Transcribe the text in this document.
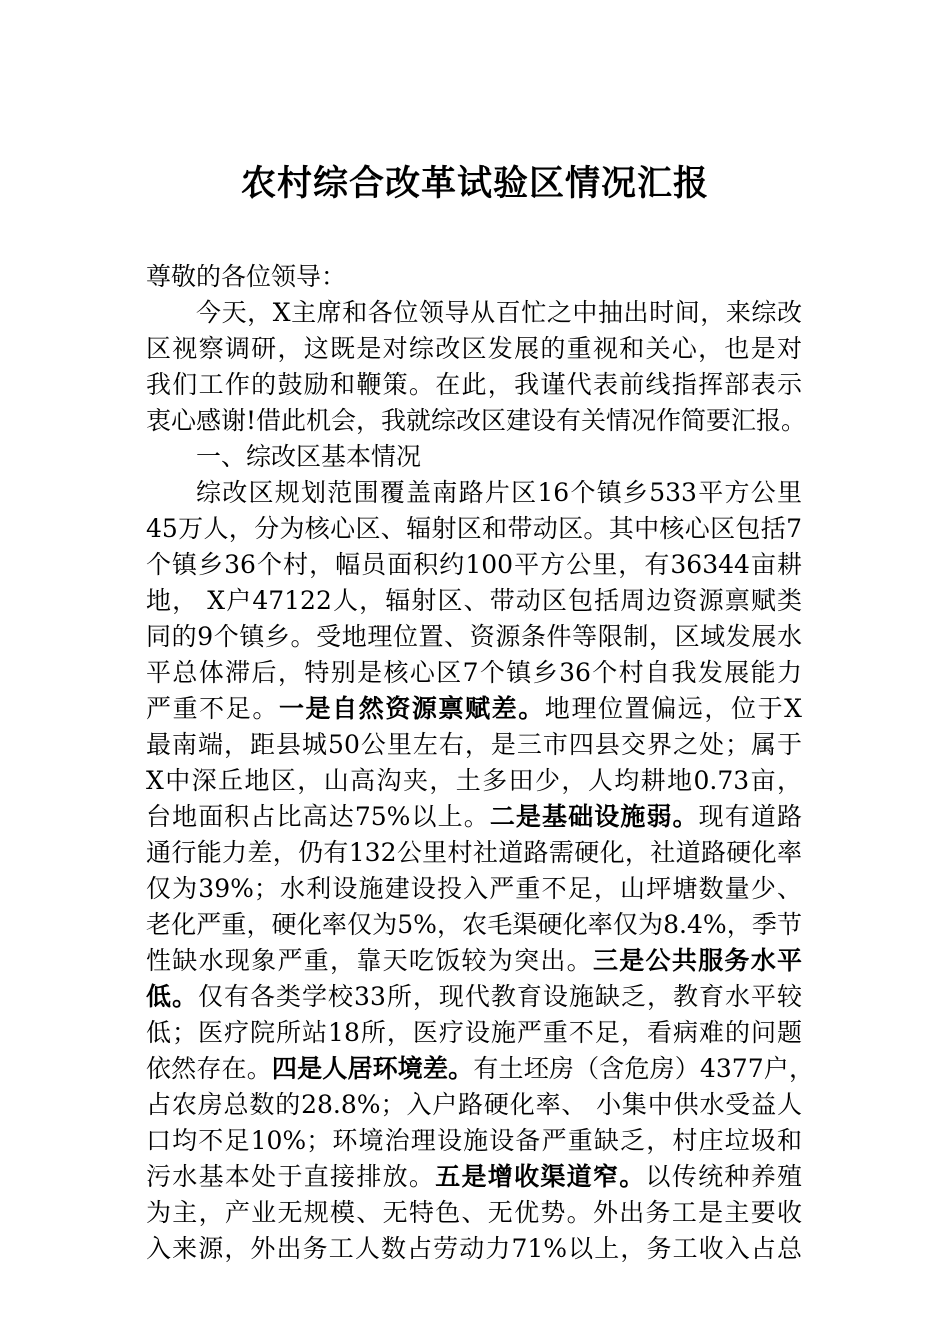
农村综合改革试验区情况汇报
尊敬的各位领导：
今天，X主席和各位领导从百忙之中抽出时间，来综改
区视察调研，这既是对综改区发展的重视和关心，也是对
我们工作的鼓励和鞭策。在此，我谨代表前线指挥部表示
衷心感谢!借此机会，我就综改区建设有关情况作简要汇报。
一、综改区基本情况
综改区规划范围覆盖南路片区16个镇乡533平方公里
45万人，分为核心区、辐射区和带动区。其中核心区包括7
个镇乡36个村，幅员面积约100平方公里，有36344亩耕
地， X户47122人，辐射区、带动区包括周边资源禀赋类
同的9个镇乡。受地理位置、资源条件等限制，区域发展水
平总体滞后，特别是核心区7个镇乡36个村自我发展能力
严重不足。一是自然资源禀赋差。地理位置偏远，位于X
最南端，距县城50公里左右，是三市四县交界之处；属于
X中深丘地区，山高沟夹，土多田少，人均耕地0.73亩，
台地面积占比高达75%以上。二是基础设施弱。现有道路
通行能力差，仍有132公里村社道路需硬化，社道路硬化率
仅为39%；水利设施建设投入严重不足，山坪塘数量少、
老化严重，硬化率仅为5%，农毛渠硬化率仅为8.4%，季节
性缺水现象严重，靠天吃饭较为突出。三是公共服务水平
低。仅有各类学校33所，现代教育设施缺乏，教育水平较
低；医疗院所站18所，医疗设施严重不足，看病难的问题
依然存在。四是人居环境差。有土坯房（含危房）4377户，
占农房总数的28.8%；入户路硬化率、 小集中供水受益人
口均不足10%；环境治理设施设备严重缺乏，村庄垃圾和
污水基本处于直接排放。五是增收渠道窄。以传统种养殖
为主，产业无规模、无特色、无优势。外出务工是主要收
入来源，外出务工人数占劳动力71%以上，务工收入占总
